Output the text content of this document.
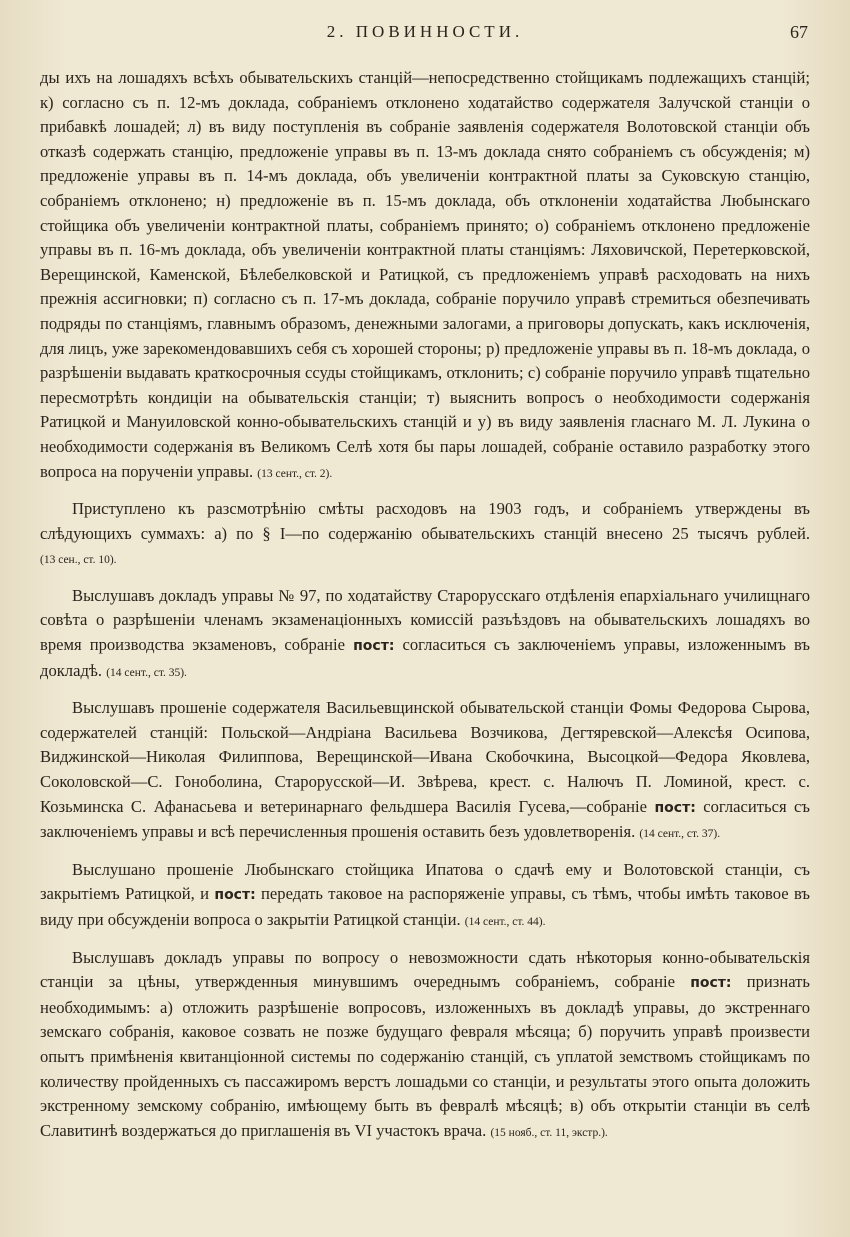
2. ПОВИННОСТИ.	67

ды ихъ на лошадяхъ всѣхъ обывательскихъ станцій—непосредственно стойщикамъ подлежащихъ станцій; к) согласно съ п. 12-мъ доклада, собраніемъ отклонено ходатайство содержателя Залучской станціи о прибавкѣ лошадей; л) въ виду поступленія въ собраніе заявленія содержателя Волотовской станціи объ отказѣ содержать станцію, предложеніе управы въ п. 13-мъ доклада снято собраніемъ съ обсужденія; м) предложеніе управы въ п. 14-мъ доклада, объ увеличеніи контрактной платы за Суковскую станцію, собраніемъ отклонено; н) предложеніе въ п. 15-мъ доклада, объ отклоненіи ходатайства Любынскаго стойщика объ увеличеніи контрактной платы, собраніемъ принято; о) собраніемъ отклонено предложеніе управы въ п. 16-мъ доклада, объ увеличеніи контрактной платы станціямъ: Ляховичской, Перетерковской, Верещинской, Каменской, Бѣлебелковской и Ратицкой, съ предложеніемъ управѣ расходовать на нихъ прежнія ассигновки; п) согласно съ п. 17-мъ доклада, собраніе поручило управѣ стремиться обезпечивать подряды по станціямъ, главнымъ образомъ, денежными залогами, а приговоры допускать, какъ исключенія, для лицъ, уже зарекомендовавшихъ себя съ хорошей стороны; р) предложеніе управы въ п. 18-мъ доклада, о разрѣшеніи выдавать краткосрочныя ссуды стойщикамъ, отклонить; с) собраніе поручило управѣ тщательно пересмотрѣть кондиціи на обывательскія станціи; т) выяснить вопросъ о необходимости содержанія Ратицкой и Мануиловской конно-обывательскихъ станцій и у) въ виду заявленія гласнаго М. Л. Лукина о необходимости содержанія въ Великомъ Селѣ хотя бы пары лошадей, собраніе оставило разработку этого вопроса на порученіи управы. (13 сент., ст. 2).

Приступлено къ разсмотрѣнію смѣты расходовъ на 1903 годъ, и собраніемъ утверждены въ слѣдующихъ суммахъ: а) по § I—по содержанію обывательскихъ станцій внесено 25 тысячъ рублей. (13 сен., ст. 10).

Выслушавъ докладъ управы № 97, по ходатайству Старорусскаго отдѣленія епархіальнаго училищнаго совѣта о разрѣшеніи членамъ экзаменаціонныхъ комиссій разъѣздовъ на обывательскихъ лошадяхъ во время производства экзаменовъ, собраніе пост: согласиться съ заключеніемъ управы, изложеннымъ въ докладѣ. (14 сент., ст. 35).

Выслушавъ прошеніе содержателя Васильевщинской обывательской станціи Фомы Федорова Сырова, содержателей станцій: Польской—Андріана Васильева Возчикова, Дегтяревской—Алексѣя Осипова, Виджинской—Николая Филиппова, Верещинской—Ивана Скобочкина, Высоцкой—Федора Яковлева, Соколовской—С. Гоноболина, Старорусской—И. Звѣрева, крест. с. Налючъ П. Ломиной, крест. с. Козьминска С. Афанасьева и ветеринарнаго фельдшера Василія Гусева,—собраніе пост: согласиться съ заключеніемъ управы и всѣ перечисленныя прошенія оставить безъ удовлетворенія. (14 сент., ст. 37).

Выслушано прошеніе Любынскаго стойщика Ипатова о сдачѣ ему и Волотовской станціи, съ закрытіемъ Ратицкой, и пост: передать таковое на распоряженіе управы, съ тѣмъ, чтобы имѣть таковое въ виду при обсужденіи вопроса о закрытіи Ратицкой станціи. (14 сент., ст. 44).

Выслушавъ докладъ управы по вопросу о невозможности сдать нѣкоторыя конно-обывательскія станціи за цѣны, утвержденныя минувшимъ очереднымъ собраніемъ, собраніе пост: признать необходимымъ: а) отложить разрѣшеніе вопросовъ, изложенныхъ въ докладѣ управы, до экстреннаго земскаго собранія, каковое созвать не позже будущаго февраля мѣсяца; б) поручить управѣ произвести опытъ примѣненія квитанціонной системы по содержанію станцій, съ уплатой земствомъ стойщикамъ по количеству пройденныхъ съ пассажиромъ верстъ лошадьми со станціи, и результаты этого опыта доложить экстренному земскому собранію, имѣющему быть въ февралѣ мѣсяцѣ; в) объ открытіи станціи въ селѣ Славитинѣ воздержаться до приглашенія въ VI участокъ врача. (15 нояб., ст. 11, экстр.).
